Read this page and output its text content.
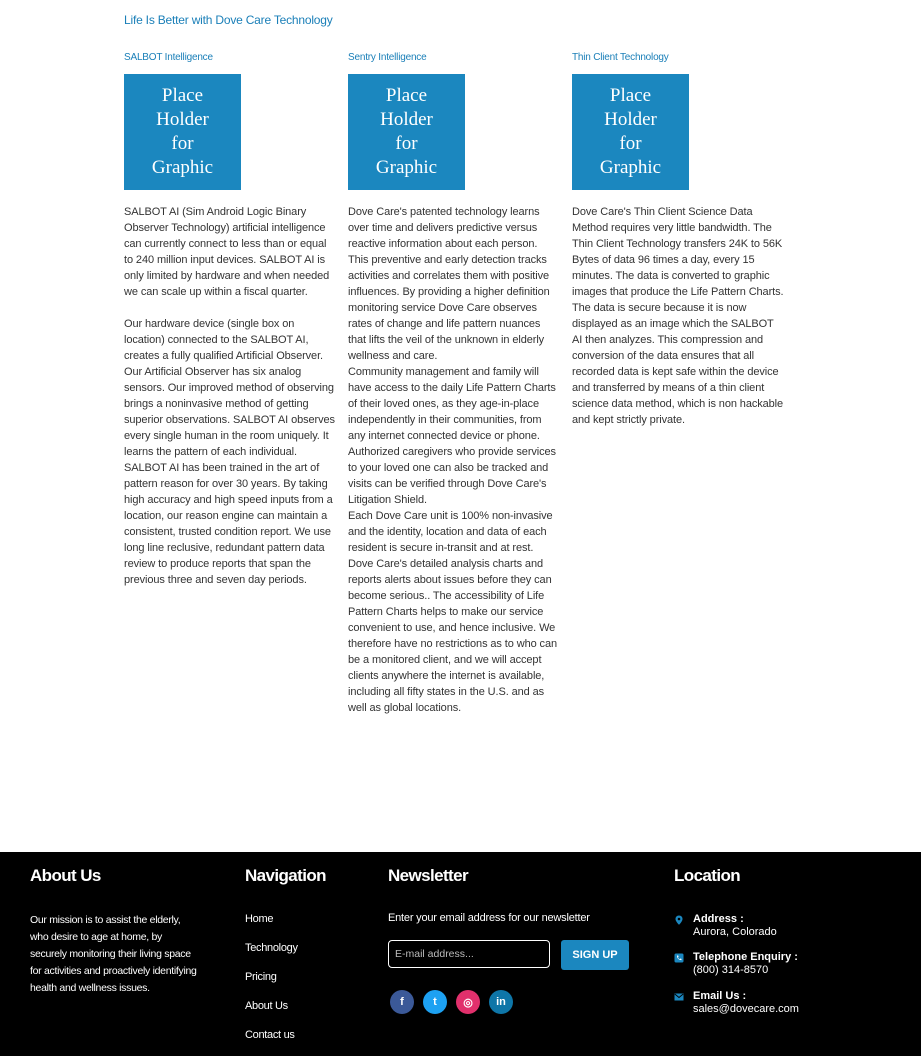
Life Is Better with Dove Care Technology
SALBOT Intelligence
Place
Holder
for
Graphic

SALBOT AI (Sim Android Logic Binary Observer Technology) artificial intelligence can currently connect to less than or equal to 240 million input devices. SALBOT AI is only limited by hardware and when needed we can scale up within a fiscal quarter.

Our hardware device (single box on location) connected to the SALBOT AI, creates a fully qualified Artificial Observer. Our Artificial Observer has six analog sensors. Our improved method of observing brings a noninvasive method of getting superior observations. SALBOT AI observes every single human in the room uniquely. It learns the pattern of each individual.

SALBOT AI has been trained in the art of pattern reason for over 30 years. By taking high accuracy and high speed inputs from a location, our reason engine can maintain a consistent, trusted condition report. We use long line reclusive, redundant pattern data review to produce reports that span the previous three and seven day periods.

Sentry Intelligence
Place
Holder
for
Graphic

Dove Care's patented technology learns over time and delivers predictive versus reactive information about each person. This preventive and early detection tracks activities and correlates them with positive influences. By providing a higher definition monitoring service Dove Care observes rates of change and life pattern nuances that lifts the veil of the unknown in elderly wellness and care.

Community management and family will have access to the daily Life Pattern Charts of their loved ones, as they age-in-place independently in their communities, from any internet connected device or phone.

Authorized caregivers who provide services to your loved one can also be tracked and visits can be verified through Dove Care's Litigation Shield.

Each Dove Care unit is 100% non-invasive and the identity, location and data of each resident is secure in-transit and at rest. Dove Care's detailed analysis charts and reports alerts about issues before they can become serious.. The accessibility of Life Pattern Charts helps to make our service convenient to use, and hence inclusive. We therefore have no restrictions as to who can be a monitored client, and we will accept clients anywhere the internet is available, including all fifty states in the U.S. and as well as global locations.

Thin Client Technology
Place
Holder
for
Graphic

Dove Care's Thin Client Science Data Method requires very little bandwidth. The Thin Client Technology transfers 24K to 56K Bytes of data 96 times a day, every 15 minutes. The data is converted to graphic images that produce the Life Pattern Charts. The data is secure because it is now displayed as an image which the SALBOT AI then analyzes. This compression and conversion of the data ensures that all recorded data is kept safe within the device and transferred by means of a thin client science data method, which is non hackable and kept strictly private.

About Us
Our mission is to assist the elderly, who desire to age at home, by securely monitoring their living space for activities and proactively identifying health and wellness issues.
Navigation
Home
Technology
Pricing
About Us
Contact us
Newsletter
Enter your email address for our newsletter
E-mail address...
SIGN UP
f	t	◎	in
Location
Address :
Aurora, Colorado
Telephone Enquiry :
(800) 314-8570
Email Us :
sales@dovecare.com
